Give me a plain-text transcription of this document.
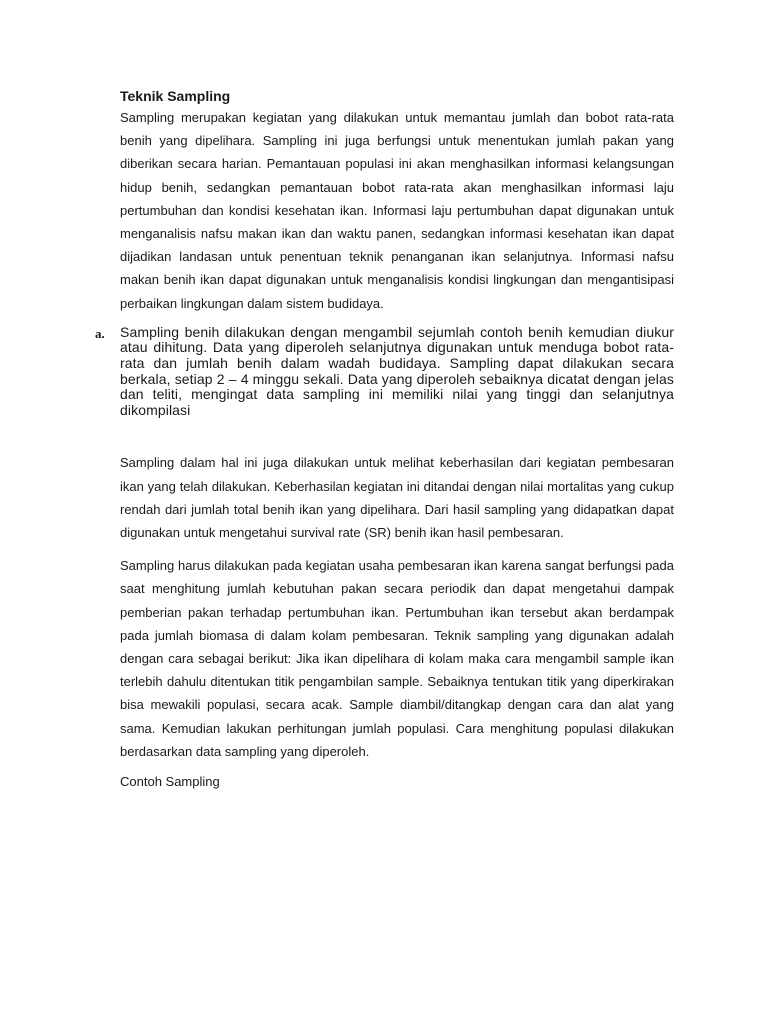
Teknik Sampling

Sampling merupakan kegiatan yang dilakukan untuk memantau jumlah dan bobot rata-rata benih yang dipelihara. Sampling ini juga berfungsi untuk menentukan jumlah pakan yang diberikan secara harian. Pemantauan populasi ini akan menghasilkan informasi kelangsungan hidup benih, sedangkan pemantauan bobot rata-rata akan menghasilkan informasi laju pertumbuhan dan kondisi kesehatan ikan. Informasi laju pertumbuhan dapat digunakan untuk menganalisis nafsu makan ikan dan waktu panen, sedangkan informasi kesehatan ikan dapat dijadikan landasan untuk penentuan teknik penanganan ikan selanjutnya. Informasi nafsu makan benih ikan dapat digunakan untuk menganalisis kondisi lingkungan dan mengantisipasi perbaikan lingkungan dalam sistem budidaya.

a. Sampling benih dilakukan dengan mengambil sejumlah contoh benih kemudian diukur atau dihitung. Data yang diperoleh selanjutnya digunakan untuk menduga bobot rata-rata dan jumlah benih dalam wadah budidaya. Sampling dapat dilakukan secara berkala, setiap 2 – 4 minggu sekali. Data yang diperoleh sebaiknya dicatat dengan jelas dan teliti, mengingat data sampling ini memiliki nilai yang tinggi dan selanjutnya dikompilasi

Sampling dalam hal ini juga dilakukan untuk melihat keberhasilan dari kegiatan pembesaran ikan yang telah dilakukan. Keberhasilan kegiatan ini ditandai dengan nilai mortalitas yang cukup rendah dari jumlah total benih ikan yang dipelihara. Dari hasil sampling yang didapatkan dapat digunakan untuk mengetahui survival rate (SR) benih ikan hasil pembesaran.

Sampling harus dilakukan pada kegiatan usaha pembesaran ikan karena sangat berfungsi pada saat menghitung jumlah kebutuhan pakan secara periodik dan dapat mengetahui dampak pemberian pakan terhadap pertumbuhan ikan. Pertumbuhan ikan tersebut akan berdampak pada jumlah biomasa di dalam kolam pembesaran. Teknik sampling yang digunakan adalah dengan cara sebagai berikut: Jika ikan dipelihara di kolam maka cara mengambil sample ikan terlebih dahulu ditentukan titik pengambilan sample. Sebaiknya tentukan titik yang diperkirakan bisa mewakili populasi, secara acak. Sample diambil/ditangkap dengan cara dan alat yang sama. Kemudian lakukan perhitungan jumlah populasi. Cara menghitung populasi dilakukan berdasarkan data sampling yang diperoleh.

Contoh Sampling
